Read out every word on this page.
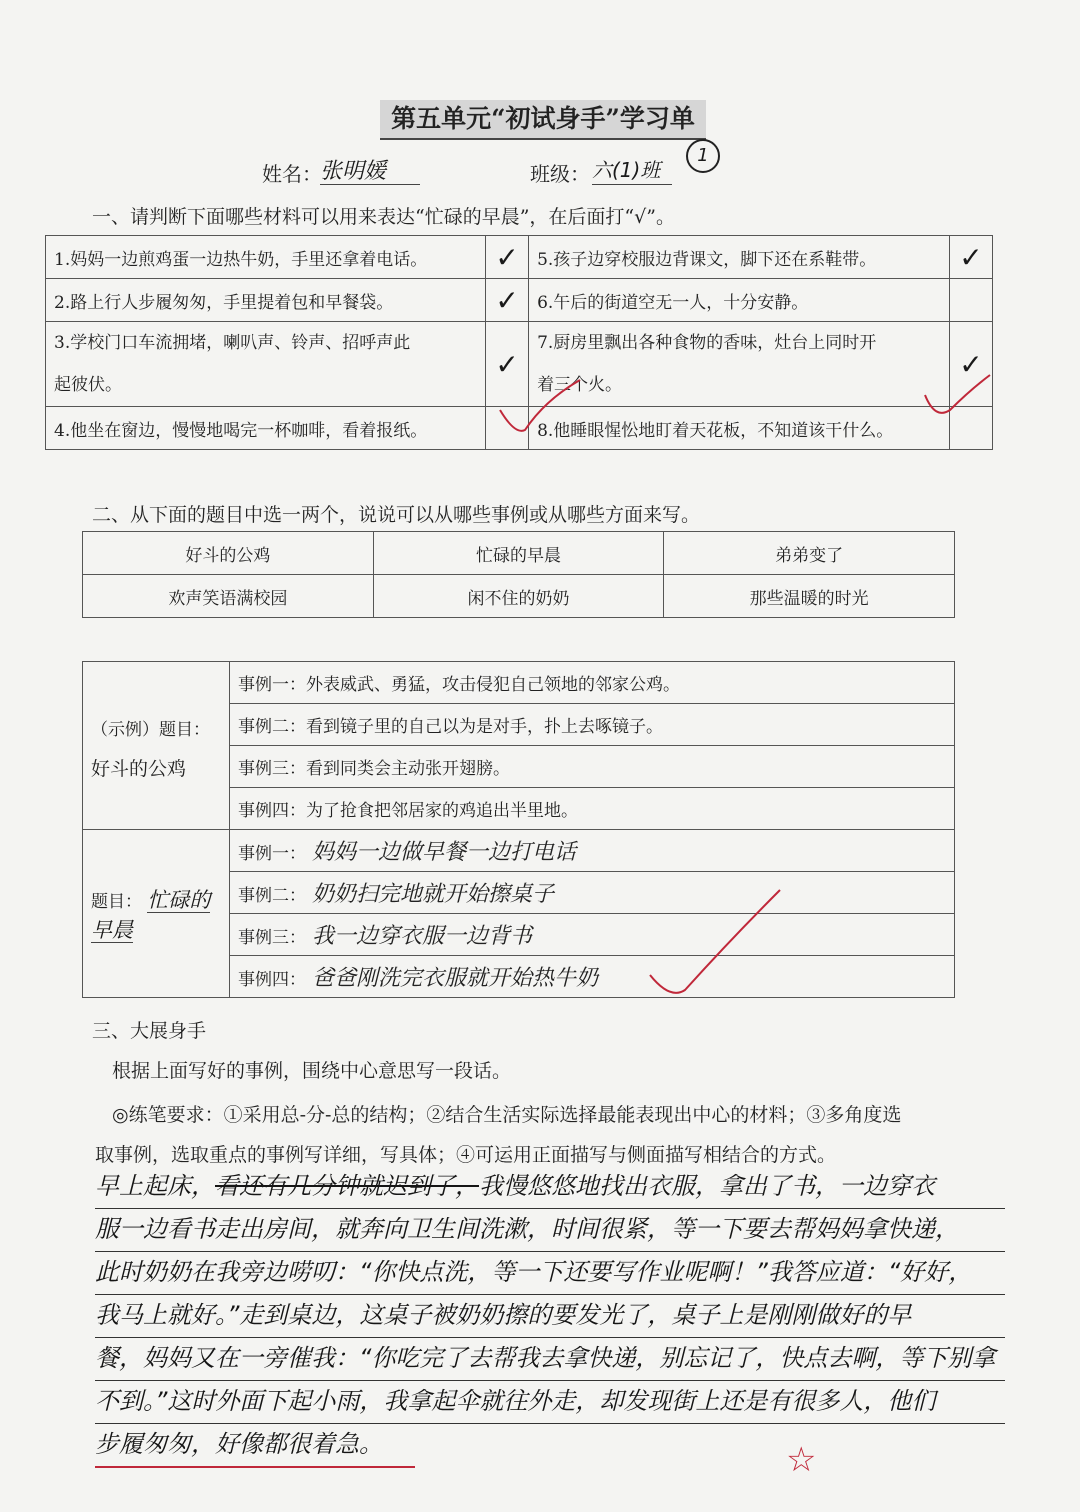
第五单元“初试身手”学习单
姓名：
张明媛	班级： 六(1)班
1
一、请判断下面哪些材料可以用来表达“忙碌的早晨”，在后面打“√”。
1.妈妈一边煎鸡蛋一边热牛奶，手里还拿着电话。	✓	5.孩子边穿校服边背课文，脚下还在系鞋带。	✓
2.路上行人步履匆匆，手里提着包和早餐袋。	✓	6.午后的街道空无一人，十分安静。	
3.学校门口车流拥堵，喇叭声、铃声、招呼声此
起彼伏。	✓	7.厨房里飘出各种食物的香味，灶台上同时开
着三个火。	✓
4.他坐在窗边，慢慢地喝完一杯咖啡，看着报纸。		8.他睡眼惺忪地盯着天花板，不知道该干什么。	
二、从下面的题目中选一两个，说说可以从哪些事例或从哪些方面来写。
好斗的公鸡	忙碌的早晨	弟弟变了
欢声笑语满校园	闲不住的奶奶	那些温暖的时光
（示例）题目：
好斗的公鸡	事例一：外表威武、勇猛，攻击侵犯自己领地的邻家公鸡。
	事例二：看到镜子里的自己以为是对手，扑上去啄镜子。
	事例三：看到同类会主动张开翅膀。
	事例四：为了抢食把邻居家的鸡追出半里地。
题目： 忙碌的早晨	事例一： 妈妈一边做早餐一边打电话
	事例二： 奶奶扫完地就开始擦桌子
	事例三： 我一边穿衣服一边背书
	事例四： 爸爸刚洗完衣服就开始热牛奶
三、大展身手
根据上面写好的事例，围绕中心意思写一段话。
◎练笔要求：①采用总-分-总的结构；②结合生活实际选择最能表现出中心的材料；③多角度选
取事例，选取重点的事例写详细，写具体；④可运用正面描写与侧面描写相结合的方式。
早上起床，看还有几分钟就迟到了，我慢悠悠地找出衣服，拿出了书，一边穿衣
服一边看书走出房间，就奔向卫生间洗漱，时间很紧，等一下要去帮妈妈拿快递，
此时奶奶在我旁边唠叨：“你快点洗，等一下还要写作业呢啊！”我答应道：“好好，
我马上就好。”走到桌边，这桌子被奶奶擦的要发光了，桌子上是刚刚做好的早
餐，妈妈又在一旁催我：“你吃完了去帮我去拿快递，别忘记了，快点去啊，等下别拿
不到。”这时外面下起小雨，我拿起伞就往外走，却发现街上还是有很多人，他们
步履匆匆，好像都很着急。	☆
